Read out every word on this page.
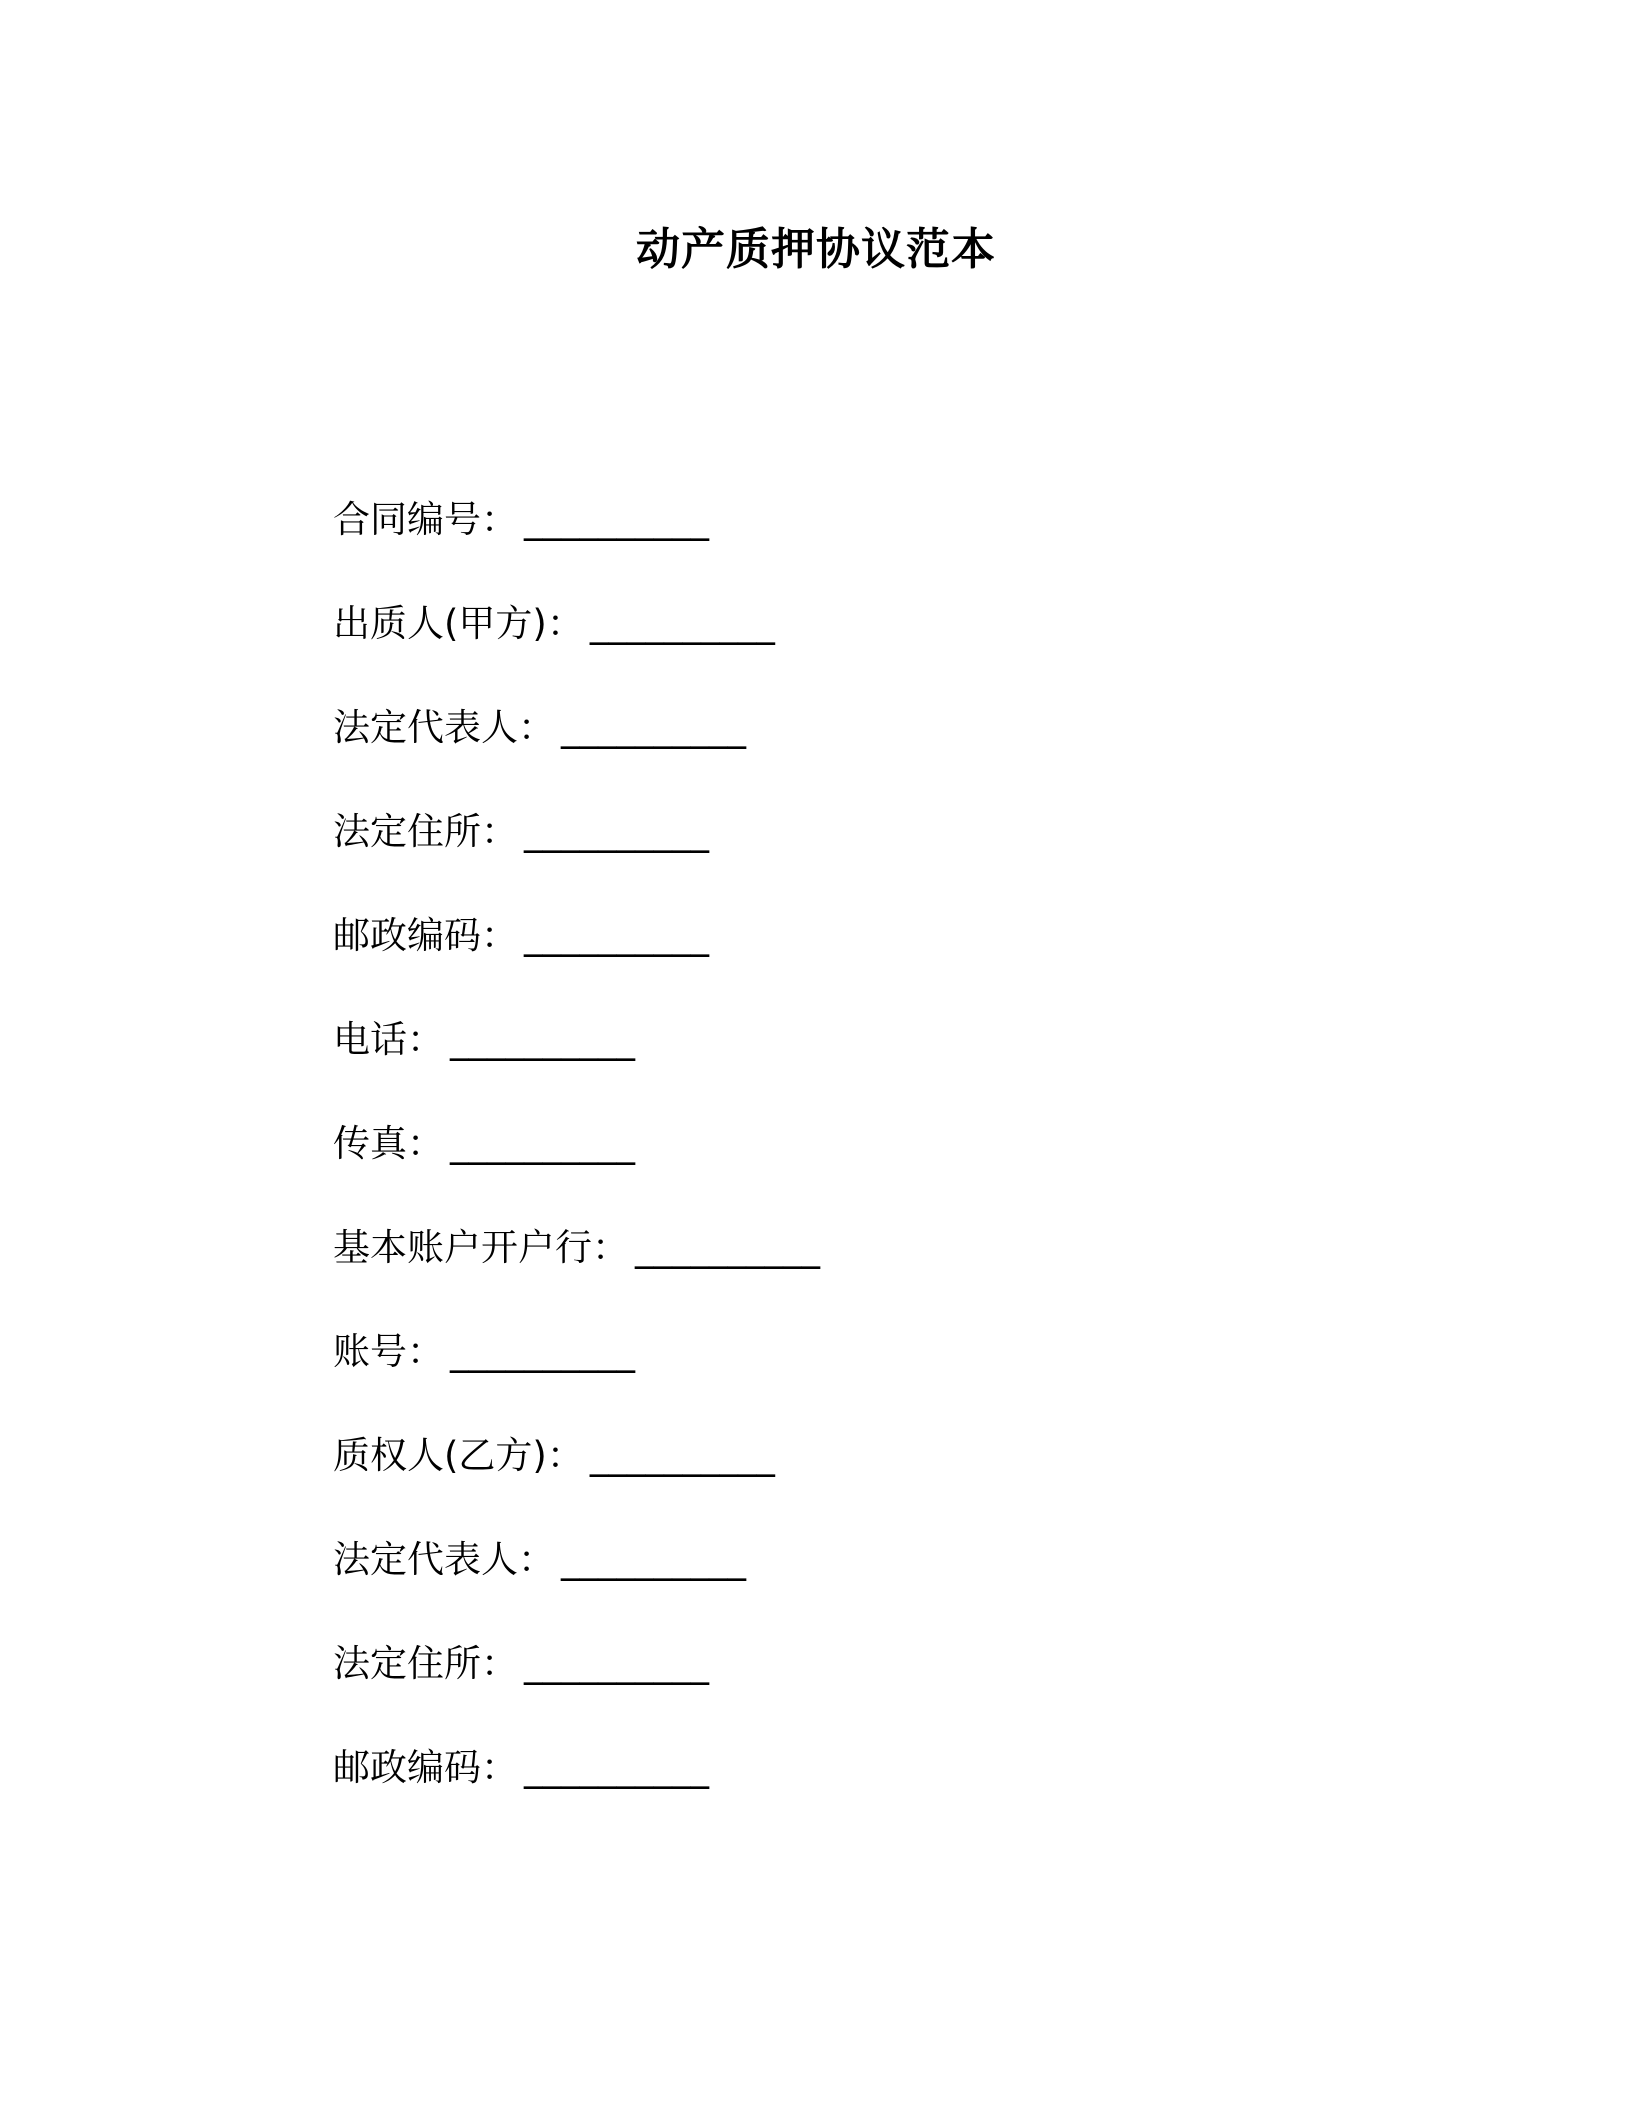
动产质押协议范本
合同编号： __________
出质人(甲方)： __________
法定代表人： __________
法定住所： __________
邮政编码： __________
电话： __________
传真： __________
基本账户开户行： __________
账号： __________
质权人(乙方)： __________
法定代表人： __________
法定住所： __________
邮政编码： __________
